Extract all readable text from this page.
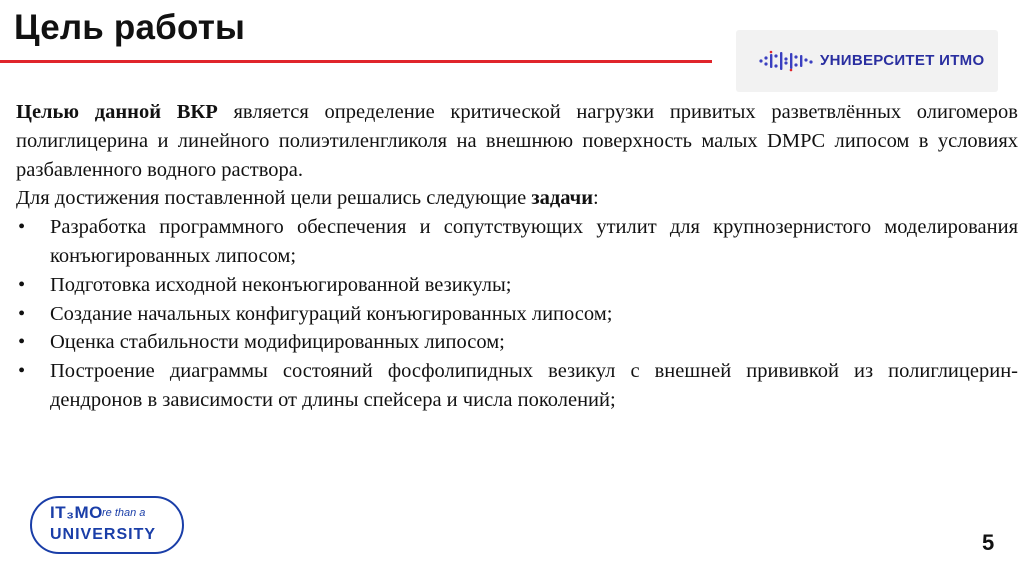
Цель работы
УНИВЕРСИТЕТ ИТМО
Целью данной ВКР является определение критической нагрузки привитых разветвлённых олигомеров полиглицерина и линейного полиэтиленгликоля на внешнюю поверхность малых DMPC липосом в условиях разбавленного водного раствора.
Для достижения поставленной цели решались следующие задачи:
• Разработка программного обеспечения и сопутствующих утилит для крупнозернистого моделирования конъюгированных липосом;
• Подготовка исходной неконъюгированной везикулы;
• Создание начальных конфигураций конъюгированных липосом;
• Оценка стабильности модифицированных липосом;
• Построение диаграммы состояний фосфолипидных везикул с внешней прививкой из полиглицерин-дендронов в зависимости от длины спейсера и числа поколений;
IT₃MO re than a
UNIVERSITY	5
